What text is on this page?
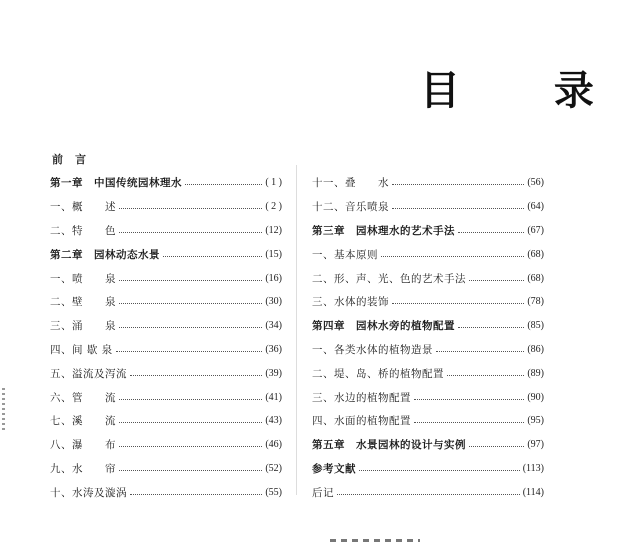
目 录
前言
第一章　中国传统园林理水	( 1 )
一、概　　述	( 2 )
二、特　　色	(12)
第二章　园林动态水景	(15)
一、喷　　泉	(16)
二、壁　　泉	(30)
三、涌　　泉	(34)
四、间 歇 泉	(36)
五、溢流及泻流	(39)
六、管　　流	(41)
七、溪　　流	(43)
八、瀑　　布	(46)
九、水　　帘	(52)
十、水涛及漩涡	(55)
十一、叠　　水	(56)
十二、音乐喷泉	(64)
第三章　园林理水的艺术手法	(67)
一、基本原则	(68)
二、形、声、光、色的艺术手法	(68)
三、水体的装饰	(78)
第四章　园林水旁的植物配置	(85)
一、各类水体的植物造景	(86)
二、堤、岛、桥的植物配置	(89)
三、水边的植物配置	(90)
四、水面的植物配置	(95)
第五章　水景园林的设计与实例	(97)
参考文献	(113)
后记	(114)
